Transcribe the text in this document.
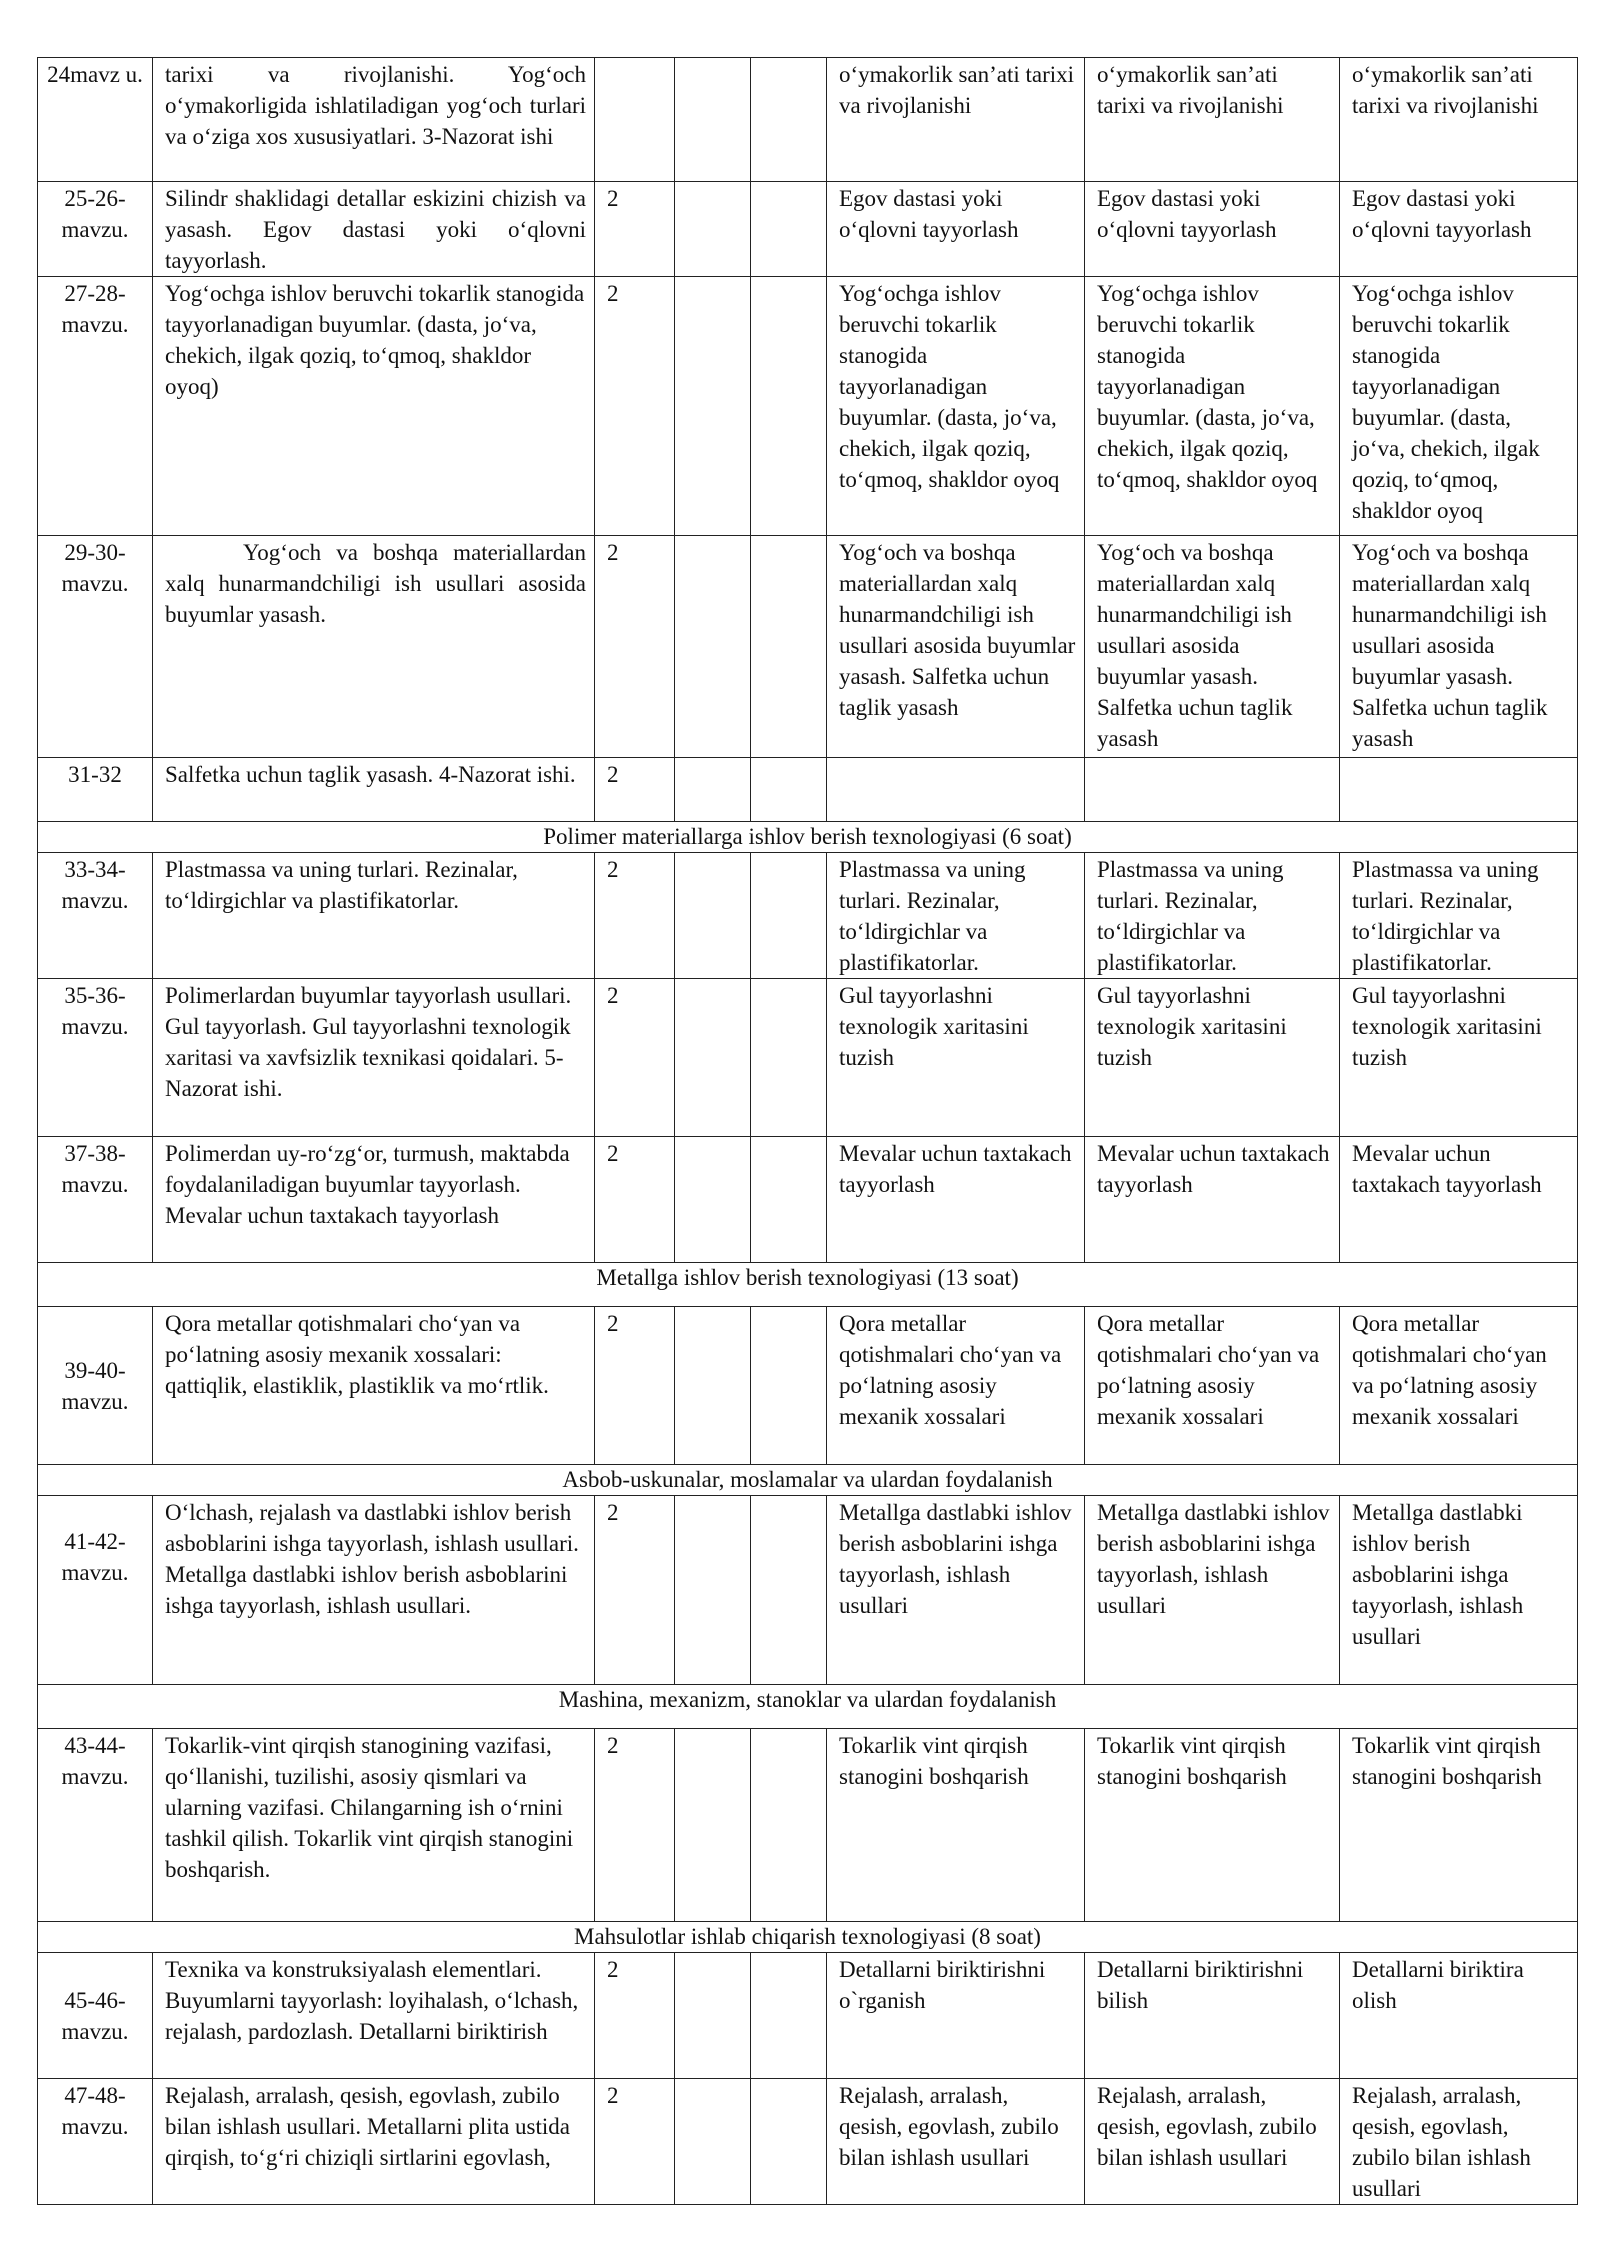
24mavz u.	tarixi va rivojlanishi. Yog‘och o‘ymakorligida ishlatiladigan yog‘och turlari va o‘ziga xos xususiyatlari. 3-Nazorat ishi				o‘ymakorlik san’ati tarixi va rivojlanishi	o‘ymakorlik san’ati tarixi va rivojlanishi	o‘ymakorlik san’ati tarixi va rivojlanishi
25-26-mavzu.	Silindr shaklidagi detallar eskizini chizish va yasash. Egov dastasi yoki o‘qlovni tayyorlash.	2			Egov dastasi yoki o‘qlovni tayyorlash	Egov dastasi yoki o‘qlovni tayyorlash	Egov dastasi yoki o‘qlovni tayyorlash
27-28-mavzu.	Yog‘ochga ishlov beruvchi tokarlik stanogida tayyorlanadigan buyumlar. (dasta, jo‘va, chekich, ilgak qoziq, to‘qmoq, shakldor oyoq)	2			Yog‘ochga ishlov beruvchi tokarlik stanogida tayyorlanadigan buyumlar. (dasta, jo‘va, chekich, ilgak qoziq, to‘qmoq, shakldor oyoq	Yog‘ochga ishlov beruvchi tokarlik stanogida tayyorlanadigan buyumlar. (dasta, jo‘va, chekich, ilgak qoziq, to‘qmoq, shakldor oyoq	Yog‘ochga ishlov beruvchi tokarlik stanogida tayyorlanadigan buyumlar. (dasta, jo‘va, chekich, ilgak qoziq, to‘qmoq, shakldor oyoq
29-30-mavzu.	Yog‘och va boshqa materiallardan xalq hunarmandchiligi ish usullari asosida buyumlar yasash.	2			Yog‘och va boshqa materiallardan xalq hunarmandchiligi ish usullari asosida buyumlar yasash. Salfetka uchun taglik yasash	Yog‘och va boshqa materiallardan xalq hunarmandchiligi ish usullari asosida buyumlar yasash. Salfetka uchun taglik yasash	Yog‘och va boshqa materiallardan xalq hunarmandchiligi ish usullari asosida buyumlar yasash. Salfetka uchun taglik yasash
31-32	Salfetka uchun taglik yasash. 4-Nazorat ishi.	2					
Polimer materiallarga ishlov berish texnologiyasi (6 soat)							
33-34-mavzu.	Plastmassa va uning turlari. Rezinalar, to‘ldirgichlar va plastifikatorlar.	2			Plastmassa va uning turlari. Rezinalar, to‘ldirgichlar va plastifikatorlar.	Plastmassa va uning turlari. Rezinalar, to‘ldirgichlar va plastifikatorlar.	Plastmassa va uning turlari. Rezinalar, to‘ldirgichlar va plastifikatorlar.
35-36-mavzu.	Polimerlardan buyumlar tayyorlash usullari. Gul tayyorlash. Gul tayyorlashni texnologik xaritasi va xavfsizlik texnikasi qoidalari. 5-Nazorat ishi.	2			Gul tayyorlashni texnologik xaritasini tuzish	Gul tayyorlashni texnologik xaritasini tuzish	Gul tayyorlashni texnologik xaritasini tuzish
37-38-mavzu.	Polimerdan uy-ro‘zg‘or, turmush, maktabda foydalaniladigan buyumlar tayyorlash. Mevalar uchun taxtakach tayyorlash	2			Mevalar uchun taxtakach tayyorlash	Mevalar uchun taxtakach tayyorlash	Mevalar uchun taxtakach tayyorlash
Metallga ishlov berish texnologiyasi (13 soat)							
39-40-mavzu.	Qora metallar qotishmalari cho‘yan va po‘latning asosiy mexanik xossalari: qattiqlik, elastiklik, plastiklik va mo‘rtlik.	2			Qora metallar qotishmalari cho‘yan va po‘latning asosiy mexanik xossalari	Qora metallar qotishmalari cho‘yan va po‘latning asosiy mexanik xossalari	Qora metallar qotishmalari cho‘yan va po‘latning asosiy mexanik xossalari
Asbob-uskunalar, moslamalar va ulardan foydalanish							
41-42-mavzu.	O‘lchash, rejalash va dastlabki ishlov berish asboblarini ishga tayyorlash, ishlash usullari. Metallga dastlabki ishlov berish asboblarini ishga tayyorlash, ishlash usullari.	2			Metallga dastlabki ishlov berish asboblarini ishga tayyorlash, ishlash usullari	Metallga dastlabki ishlov berish asboblarini ishga tayyorlash, ishlash usullari	Metallga dastlabki ishlov berish asboblarini ishga tayyorlash, ishlash usullari
Mashina, mexanizm, stanoklar va ulardan foydalanish							
43-44-mavzu.	Tokarlik-vint qirqish stanogining vazifasi, qo‘llanishi, tuzilishi, asosiy qismlari va ularning vazifasi. Chilangarning ish o‘rnini tashkil qilish. Tokarlik vint qirqish stanogini boshqarish.	2			Tokarlik vint qirqish stanogini boshqarish	Tokarlik vint qirqish stanogini boshqarish	Tokarlik vint qirqish stanogini boshqarish
Mahsulotlar ishlab chiqarish texnologiyasi (8 soat)							
45-46-mavzu.	Texnika va konstruksiyalash elementlari. Buyumlarni tayyorlash: loyihalash, o‘lchash, rejalash, pardozlash. Detallarni biriktirish	2			Detallarni biriktirishni o`rganish	Detallarni biriktirishni bilish	Detallarni biriktira olish
47-48-mavzu.	Rejalash, arralash, qesish, egovlash, zubilo bilan ishlash usullari. Metallarni plita ustida qirqish, to‘g‘ri chiziqli sirtlarini egovlash,	2			Rejalash, arralash, qesish, egovlash, zubilo bilan ishlash usullari	Rejalash, arralash, qesish, egovlash, zubilo bilan ishlash usullari	Rejalash, arralash, qesish, egovlash, zubilo bilan ishlash usullari
